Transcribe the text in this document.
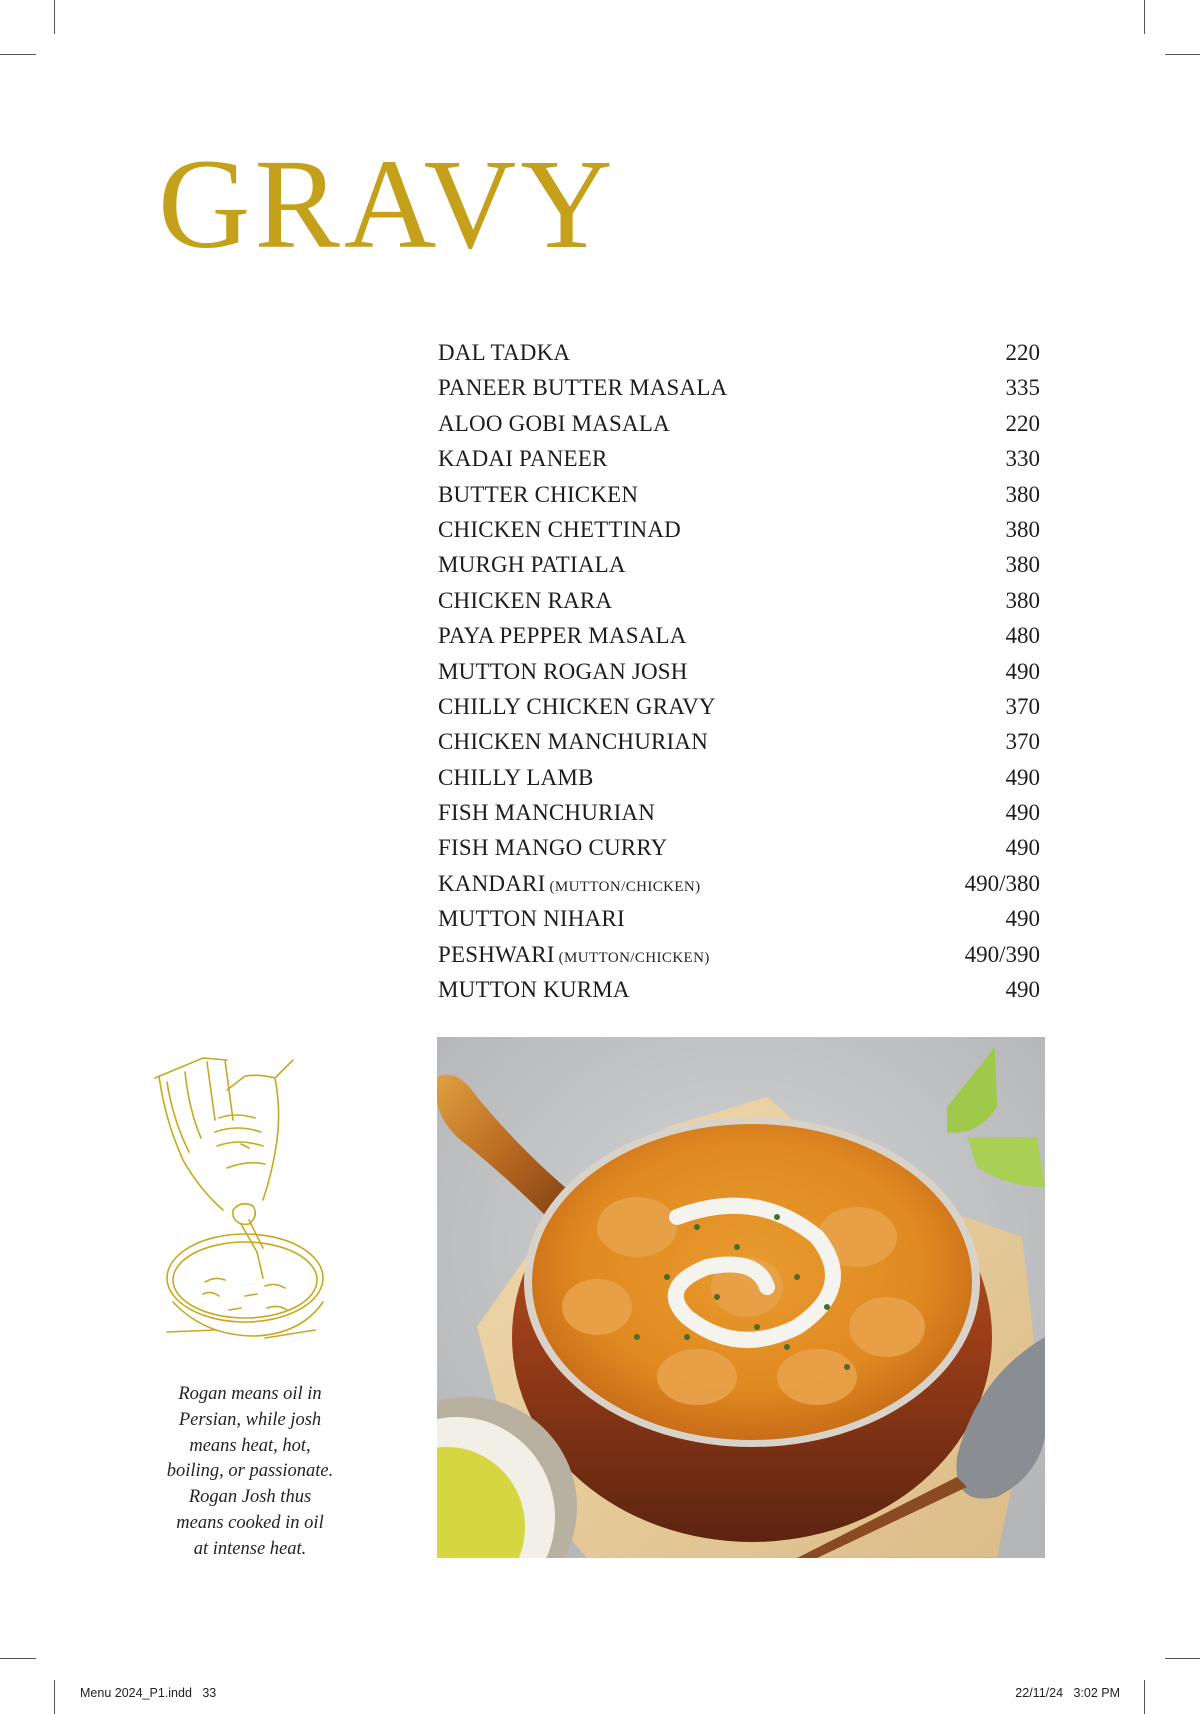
GRAVY
DAL TADKA	220
PANEER BUTTER MASALA	335
ALOO GOBI MASALA	220
KADAI PANEER	330
BUTTER CHICKEN	380
CHICKEN CHETTINAD	380
MURGH PATIALA	380
CHICKEN RARA	380
PAYA PEPPER MASALA	480
MUTTON ROGAN JOSH	490
CHILLY CHICKEN GRAVY	370
CHICKEN MANCHURIAN	370
CHILLY LAMB	490
FISH MANCHURIAN	490
FISH MANGO CURRY	490
KANDARI (MUTTON/CHICKEN)	490/380
MUTTON NIHARI	490
PESHWARI (MUTTON/CHICKEN)	490/390
MUTTON KURMA	490
Rogan means oil in
Persian, while josh
means heat, hot,
boiling, or passionate.
Rogan Josh thus
means cooked in oil
at intense heat.
Menu 2024_P1.indd   33	22/11/24   3:02 PM
